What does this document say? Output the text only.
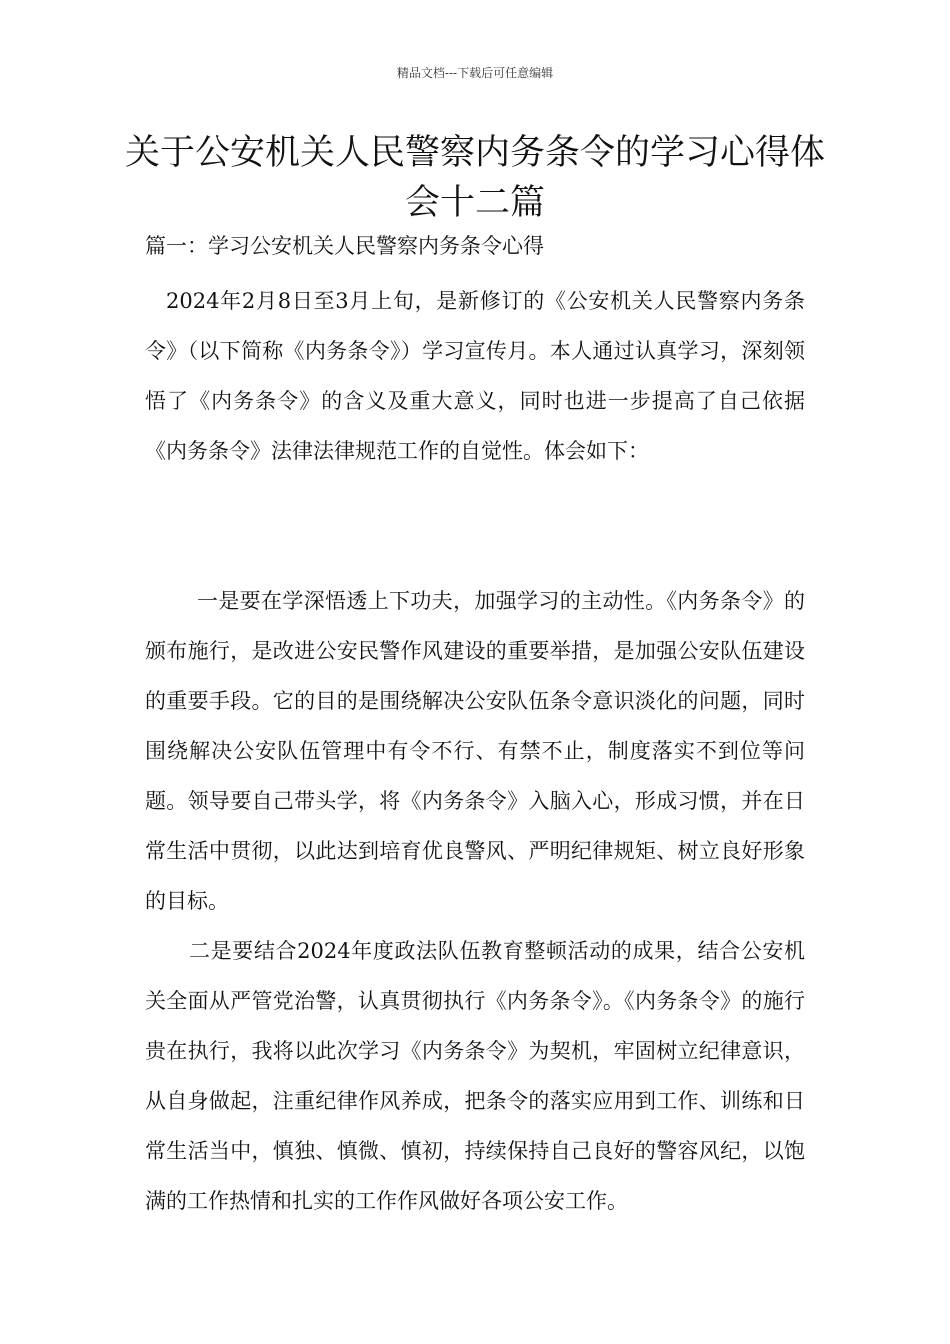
精品文档---下载后可任意编辑
关于公安机关人民警察内务条令的学习心得体会十二篇

篇一：学习公安机关人民警察内务条令心得

2024年2月8日至3月上旬，是新修订的《公安机关人民警察内务条令》（以下简称《内务条令》）学习宣传月。本人通过认真学习，深刻领悟了《内务条令》的含义及重大意义，同时也进一步提高了自己依据《内务条令》法律法律规范工作的自觉性。体会如下：

一是要在学深悟透上下功夫，加强学习的主动性。《内务条令》的颁布施行，是改进公安民警作风建设的重要举措，是加强公安队伍建设的重要手段。它的目的是围绕解决公安队伍条令意识淡化的问题，同时围绕解决公安队伍管理中有令不行、有禁不止，制度落实不到位等问题。领导要自己带头学，将《内务条令》入脑入心，形成习惯，并在日常生活中贯彻，以此达到培育优良警风、严明纪律规矩、树立良好形象的目标。

二是要结合2024年度政法队伍教育整顿活动的成果，结合公安机关全面从严管党治警，认真贯彻执行《内务条令》。《内务条令》的施行贵在执行，我将以此次学习《内务条令》为契机，牢固树立纪律意识，从自身做起，注重纪律作风养成，把条令的落实应用到工作、训练和日常生活当中，慎独、慎微、慎初，持续保持自己良好的警容风纪，以饱满的工作热情和扎实的工作作风做好各项公安工作。
